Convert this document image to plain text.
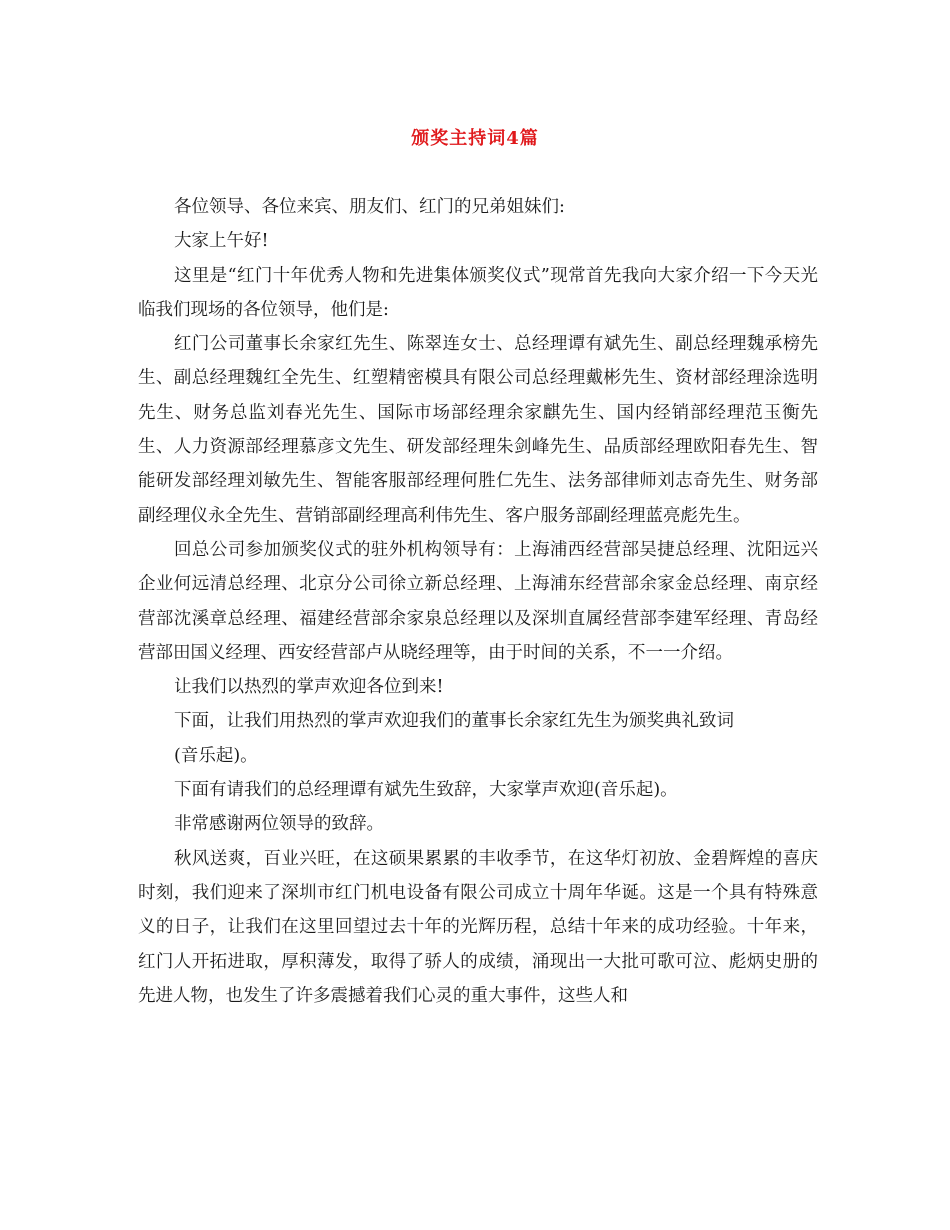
颁奖主持词4篇

各位领导、各位来宾、朋友们、红门的兄弟姐妹们:

大家上午好!

这里是“红门十年优秀人物和先进集体颁奖仪式”现常首先我向大家介绍一下今天光临我们现场的各位领导，他们是:

红门公司董事长余家红先生、陈翠连女士、总经理谭有斌先生、副总经理魏承榜先生、副总经理魏红全先生、红塑精密模具有限公司总经理戴彬先生、资材部经理涂选明先生、财务总监刘春光先生、国际市场部经理余家麒先生、国内经销部经理范玉衡先生、人力资源部经理慕彦文先生、研发部经理朱剑峰先生、品质部经理欧阳春先生、智能研发部经理刘敏先生、智能客服部经理何胜仁先生、法务部律师刘志奇先生、财务部副经理仪永全先生、营销部副经理高利伟先生、客户服务部副经理蓝亮彪先生。

回总公司参加颁奖仪式的驻外机构领导有：上海浦西经营部吴捷总经理、沈阳远兴企业何远清总经理、北京分公司徐立新总经理、上海浦东经营部余家金总经理、南京经营部沈溪章总经理、福建经营部余家泉总经理以及深圳直属经营部李建军经理、青岛经营部田国义经理、西安经营部卢从晓经理等，由于时间的关系，不一一介绍。

让我们以热烈的掌声欢迎各位到来!

下面，让我们用热烈的掌声欢迎我们的董事长余家红先生为颁奖典礼致词

(音乐起)。

下面有请我们的总经理谭有斌先生致辞，大家掌声欢迎(音乐起)。

非常感谢两位领导的致辞。

秋风送爽，百业兴旺，在这硕果累累的丰收季节，在这华灯初放、金碧辉煌的喜庆时刻，我们迎来了深圳市红门机电设备有限公司成立十周年华诞。这是一个具有特殊意义的日子，让我们在这里回望过去十年的光辉历程，总结十年来的成功经验。十年来，红门人开拓进取，厚积薄发，取得了骄人的成绩，涌现出一大批可歌可泣、彪炳史册的先进人物，也发生了许多震撼着我们心灵的重大事件，这些人和
